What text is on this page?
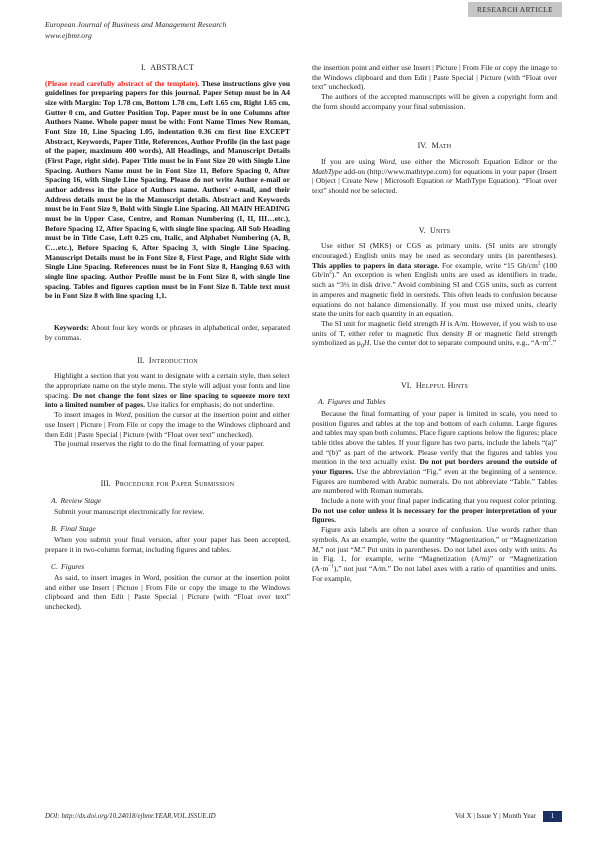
RESEARCH ARTICLE
European Journal of Business and Management Research
www.ejbmr.org
I. ABSTRACT

(Please read carefully abstract of the template). These instructions give you guidelines for preparing papers for this journal. Paper Setup must be in A4 size with Margin: Top 1.78 cm, Bottom 1.78 cm, Left 1.65 cm, Right 1.65 cm, Gutter 0 cm, and Gutter Position Top. Paper must be in one Columns after Authors Name. Whole paper must be with: Font Name Times New Roman, Font Size 10, Line Spacing 1.05, indentation 0.36 cm first line EXCEPT Abstract, Keywords, Paper Title, References, Author Profile (in the last page of the paper, maximum 400 words), All Headings, and Manuscript Details (First Page, right side). Paper Title must be in Font Size 20 with Single Line Spacing. Authors Name must be in Font Size 11, Before Spacing 0, After Spacing 16, with Single Line Spacing. Please do not write Author e-mail or author address in the place of Authors name. Authors' e-mail, and their Address details must be in the Manuscript details. Abstract and Keywords must be in Font Size 9, Bold with Single Line Spacing. All MAIN HEADING must be in Upper Case, Centre, and Roman Numbering (I, II, III…etc.), Before Spacing 12, After Spacing 6, with single line spacing. All Sub Heading must be in Title Case, Left 0.25 cm, Italic, and Alphabet Numbering (A, B, C…etc.), Before Spacing 6, After Spacing 3, with Single Line Spacing. Manuscript Details must be in Font Size 8, First Page, and Right Side with Single Line Spacing. References must be in Font Size 8, Hanging 0.63 with single line spacing. Author Profile must be in Font Size 8, with single line spacing. Tables and figures caption must be in Font Size 8. Table text must be in Font Size 8 with line spacing 1,1.

Keywords: About four key words or phrases in alphabetical order, separated by commas.

II. Introduction

Highlight a section that you want to designate with a certain style, then select the appropriate name on the style menu. The style will adjust your fonts and line spacing. Do not change the font sizes or line spacing to squeeze more text into a limited number of pages. Use italics for emphasis; do not underline.

To insert images in Word, position the cursor at the insertion point and either use Insert | Picture | From File or copy the image to the Windows clipboard and then Edit | Paste Special | Picture (with “Float over text” unchecked).

The journal reserves the right to do the final formatting of your paper.

III. Procedure for Paper Submission
A. Review Stage

Submit your manuscript electronically for review.

B. Final Stage

When you submit your final version, after your paper has been accepted, prepare it in two-column format, including figures and tables.

C. Figures

As said, to insert images in Word, position the cursor at the insertion point and either use Insert | Picture | From File or copy the image to the Windows clipboard and then Edit | Paste Special | Picture (with “Float over text” unchecked).

the insertion point and either use Insert | Picture | From File or copy the image to the Windows clipboard and then Edit | Paste Special | Picture (with “Float over text” unchecked).

The authors of the accepted manuscripts will be given a copyright form and the form should accompany your final submission.

IV. Math

If you are using Word, use either the Microsoft Equation Editor or the MathType add-on (http://www.mathtype.com) for equations in your paper (Insert | Object | Create New | Microsoft Equation or MathType Equation). “Float over text” should not be selected.

V. Units

Use either SI (MKS) or CGS as primary units. (SI units are strongly encouraged.) English units may be used as secondary units (in parentheses). This applies to papers in data storage. For example, write “15 $Gb/cm^2$ (100 $Gb/in^2$).” An exception is when English units are used as identifiers in trade, such as “3½ in disk drive.” Avoid combining SI and CGS units, such as current in amperes and magnetic field in oersteds. This often leads to confusion because equations do not balance dimensionally. If you must use mixed units, clearly state the units for each quantity in an equation.

The SI unit for magnetic field strength H is A/m. However, if you wish to use units of T, either refer to magnetic flux density B or magnetic field strength symbolized as $\mu_0H$. Use the center dot to separate compound units, e.g., “$A\cdot m^2$.”

VI. Helpful Hints
A. Figures and Tables

Because the final formatting of your paper is limited in scale, you need to position figures and tables at the top and bottom of each column. Large figures and tables may span both columns. Place figure captions below the figures; place table titles above the tables. If your figure has two parts, include the labels “(a)” and “(b)” as part of the artwork. Please verify that the figures and tables you mention in the text actually exist. Do not put borders around the outside of your figures. Use the abbreviation “Fig.” even at the beginning of a sentence. Figures are numbered with Arabic numerals. Do not abbreviate “Table.” Tables are numbered with Roman numerals.

Include a note with your final paper indicating that you request color printing. Do not use color unless it is necessary for the proper interpretation of your figures.

Figure axis labels are often a source of confusion. Use words rather than symbols. As an example, write the quantity “Magnetization,” or “Magnetization M,” not just “M.” Put units in parentheses. Do not label axes only with units. As in Fig. 1, for example, write “Magnetization (A/m)” or “Magnetization $(A\cdot m^{-1})$,” not just “A/m.” Do not label axes with a ratio of quantities and units. For example,

DOI: http://dx.doi.org/10.24018/ejbmr.YEAR.VOL.ISSUE.ID	Vol X | Issue Y | Month Year	1
